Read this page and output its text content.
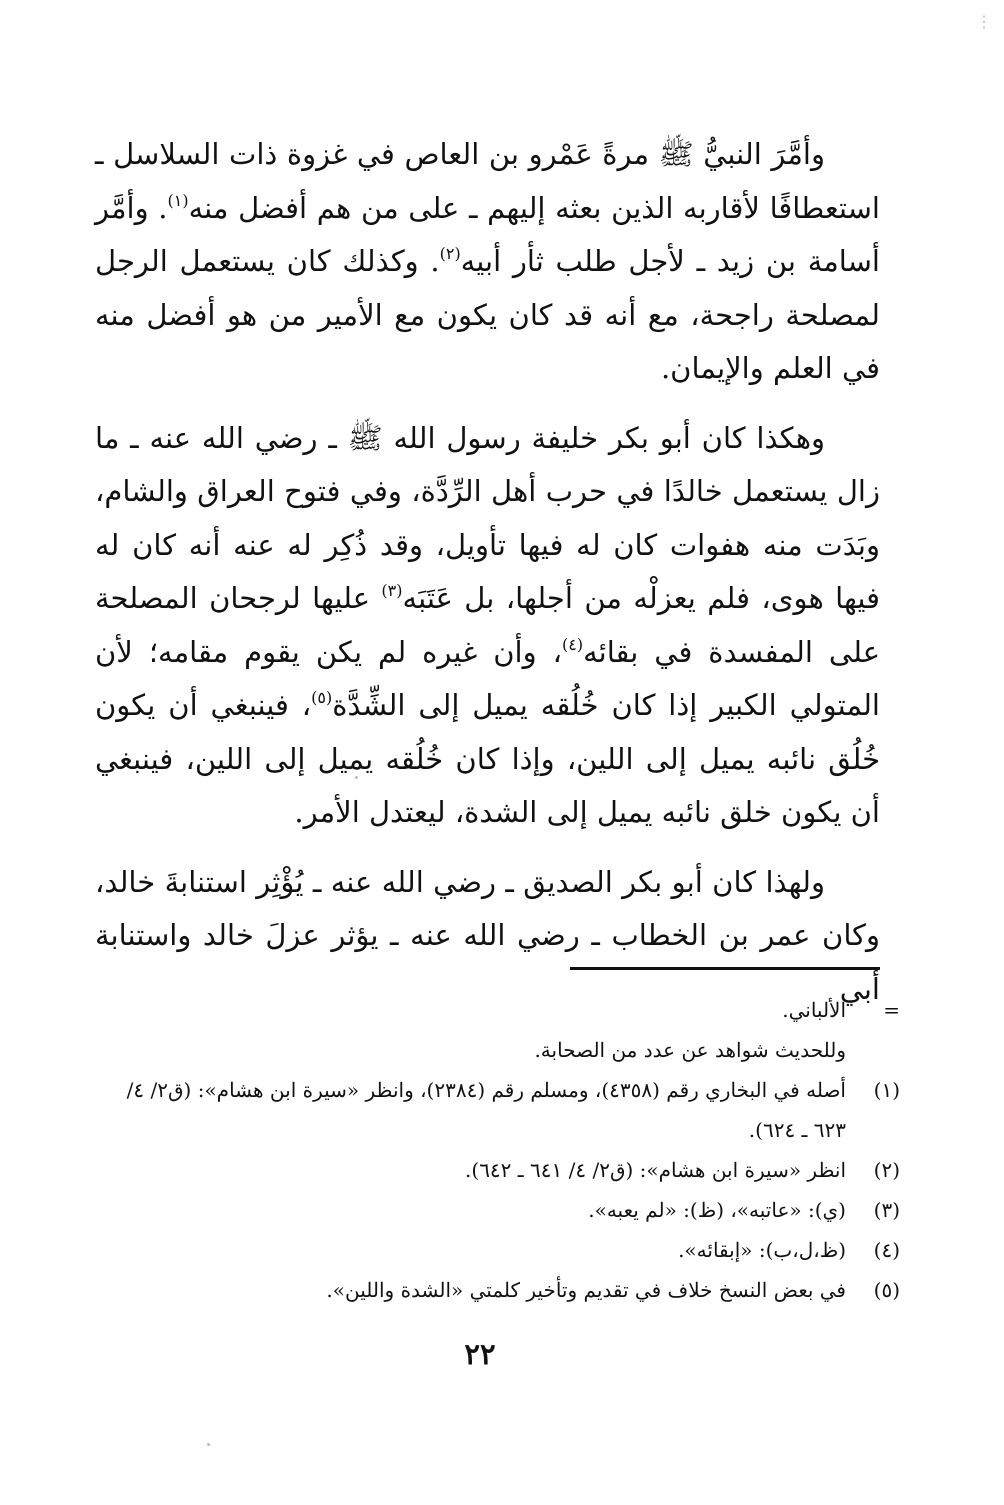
⋮

وأمَّرَ النبيُّ ﷺ مرةً عَمْرو بن العاص في غزوة ذات السلاسل ـ استعطافًا لأقاربه الذين بعثه إليهم ـ على من هم أفضل منه$^{(١)}$. وأمَّر أسامة بن زيد ـ لأجل طلب ثأر أبيه$^{(٢)}$. وكذلك كان يستعمل الرجل لمصلحة راجحة، مع أنه قد كان يكون مع الأمير من هو أفضل منه في العلم والإيمان.

وهكذا كان أبو بكر خليفة رسول الله ﷺ ـ رضي الله عنه ـ ما زال يستعمل خالدًا في حرب أهل الرِّدَّة، وفي فتوح العراق والشام، وبَدَت منه هفوات كان له فيها تأويل، وقد ذُكِر له عنه أنه كان له فيها هوى، فلم يعزلْه من أجلها، بل عَتَبَه$^{(٣)}$ عليها لرجحان المصلحة على المفسدة في بقائه$^{(٤)}$، وأن غيره لم يكن يقوم مقامه؛ لأن المتولي الكبير إذا كان خُلُقه يميل إلى الشِّدَّة$^{(٥)}$، فينبغي أن يكون خُلُق نائبه يميل إلى اللين، وإذا كان خُلُقه يميل إلى اللين، فينبغي أن يكون خلق نائبه يميل إلى الشدة، ليعتدل الأمر.

ولهذا كان أبو بكر الصديق ـ رضي الله عنه ـ يُؤْثِر استنابةَ خالد، وكان عمر بن الخطاب ـ رضي الله عنه ـ يؤثر عزلَ خالد واستنابة أبي

=
الألباني.
وللحديث شواهد عن عدد من الصحابة.
(١)
أصله في البخاري رقم (٤٣٥٨)، ومسلم رقم (٢٣٨٤)، وانظر «سيرة ابن هشام»: (ق٢/ ٤/ ٦٢٣ ـ ٦٢٤).
(٢)
انظر «سيرة ابن هشام»: (ق٢/ ٤/ ٦٤١ ـ ٦٤٢).
(٣)
(ي): «عاتبه»، (ظ): «لم يعبه».
(٤)
(ظ،ل،ب): «إبقائه».
(٥)
في بعض النسخ خلاف في تقديم وتأخير كلمتي «الشدة واللين».
٢٢
